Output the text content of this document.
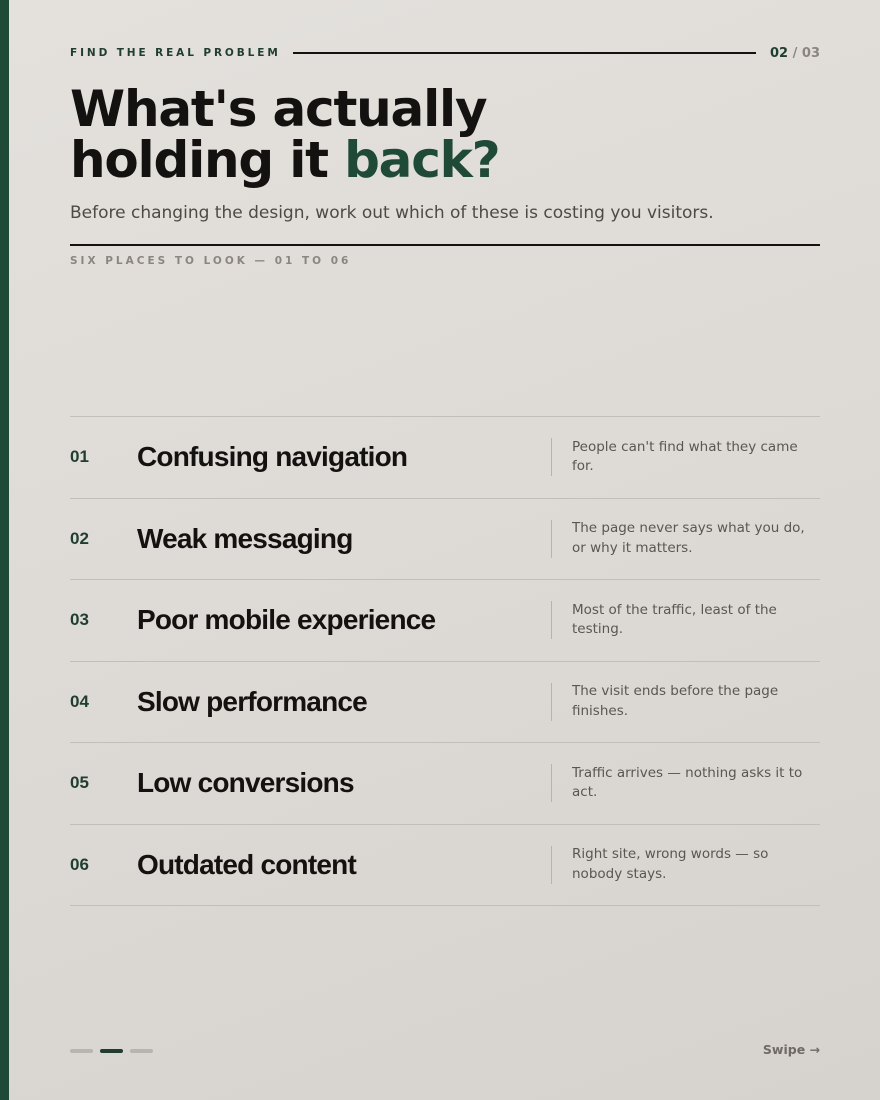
FIND THE REAL PROBLEM	02 / 03
What's actually
holding it back?
Before changing the design, work out which of these is costing you visitors.
SIX PLACES TO LOOK — 01 TO 06
01	Confusing navigation	People can't find what they came for.
02	Weak messaging	The page never says what you do, or why it matters.
03	Poor mobile experience	Most of the traffic, least of the testing.
04	Slow performance	The visit ends before the page finishes.
05	Low conversions	Traffic arrives — nothing asks it to act.
06	Outdated content	Right site, wrong words — so nobody stays.
Swipe →
